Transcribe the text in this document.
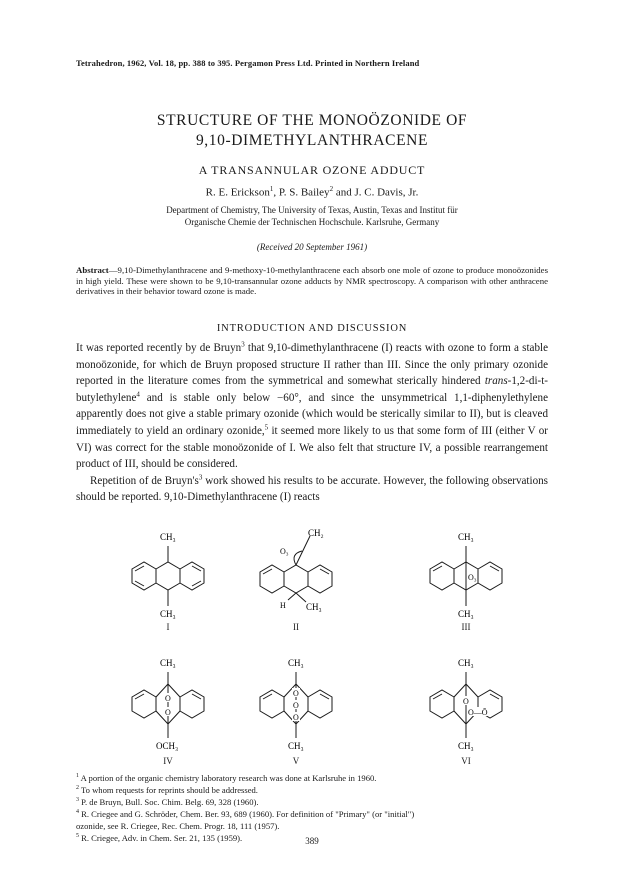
Tetrahedron, 1962, Vol. 18, pp. 388 to 395. Pergamon Press Ltd. Printed in Northern Ireland
STRUCTURE OF THE MONOÖZONIDE OF
9,10-DIMETHYLANTHRACENE
A TRANSANNULAR OZONE ADDUCT
R. E. Erickson$^1$, P. S. Bailey$^2$ and J. C. Davis, Jr.
Department of Chemistry, The University of Texas, Austin, Texas and Institut für
Organische Chemie der Technischen Hochschule. Karlsruhe, Germany
(Received 20 September 1961)
Abstract—9,10-Dimethylanthracene and 9-methoxy-10-methylanthracene each absorb one mole of ozone to produce monoözonides in high yield. These were shown to be 9,10-transannular ozone adducts by NMR spectroscopy. A comparison with other anthracene derivatives in their behavior toward ozone is made.
INTRODUCTION AND DISCUSSION

It was reported recently by de Bruyn$^3$ that 9,10-dimethylanthracene (I) reacts with ozone to form a stable monoözonide, for which de Bruyn proposed structure II rather than III. Since the only primary ozonide reported in the literature comes from the symmetrical and somewhat sterically hindered trans-1,2-di-t-butylethylene$^4$ and is stable only below −60°, and since the unsymmetrical 1,1-diphenylethylene apparently does not give a stable primary ozonide (which would be sterically similar to II), but is cleaved immediately to yield an ordinary ozonide,$^5$ it seemed more likely to us that some form of III (either V or VI) was correct for the stable monoözonide of I. We also felt that structure IV, a possible rearrangement product of III, should be considered.

Repetition of de $Bruyn's^3$ work showed his results to be accurate. However, the following observations should be reported. 9,10-Dimethylanthracene (I) reacts

CH₃
CH₃
I
CH₂
O₃
H CH₃
II
O₃
CH₃
CH₃
III
O
O
CH₃
OCH₃
IV
O
O
O
CH₃
CH₃
V
O
O—Ō
CH₃
CH₃
VI
$^1$ A portion of the organic chemistry laboratory research was done at Karlsruhe in 1960.
$^2$ To whom requests for reprints should be addressed.
$^3$ P. de Bruyn, Bull. Soc. Chim. Belg. 69, 328 (1960).
$^4$ R. Criegee and G. Schröder, Chem. Ber. 93, 689 (1960). For definition of "Primary" (or "initial")
ozonide, see R. Criegee, Rec. Chem. Progr. 18, 111 (1957).
$^5$ R. Criegee, Adv. in Chem. Ser. 21, 135 (1959).	389
